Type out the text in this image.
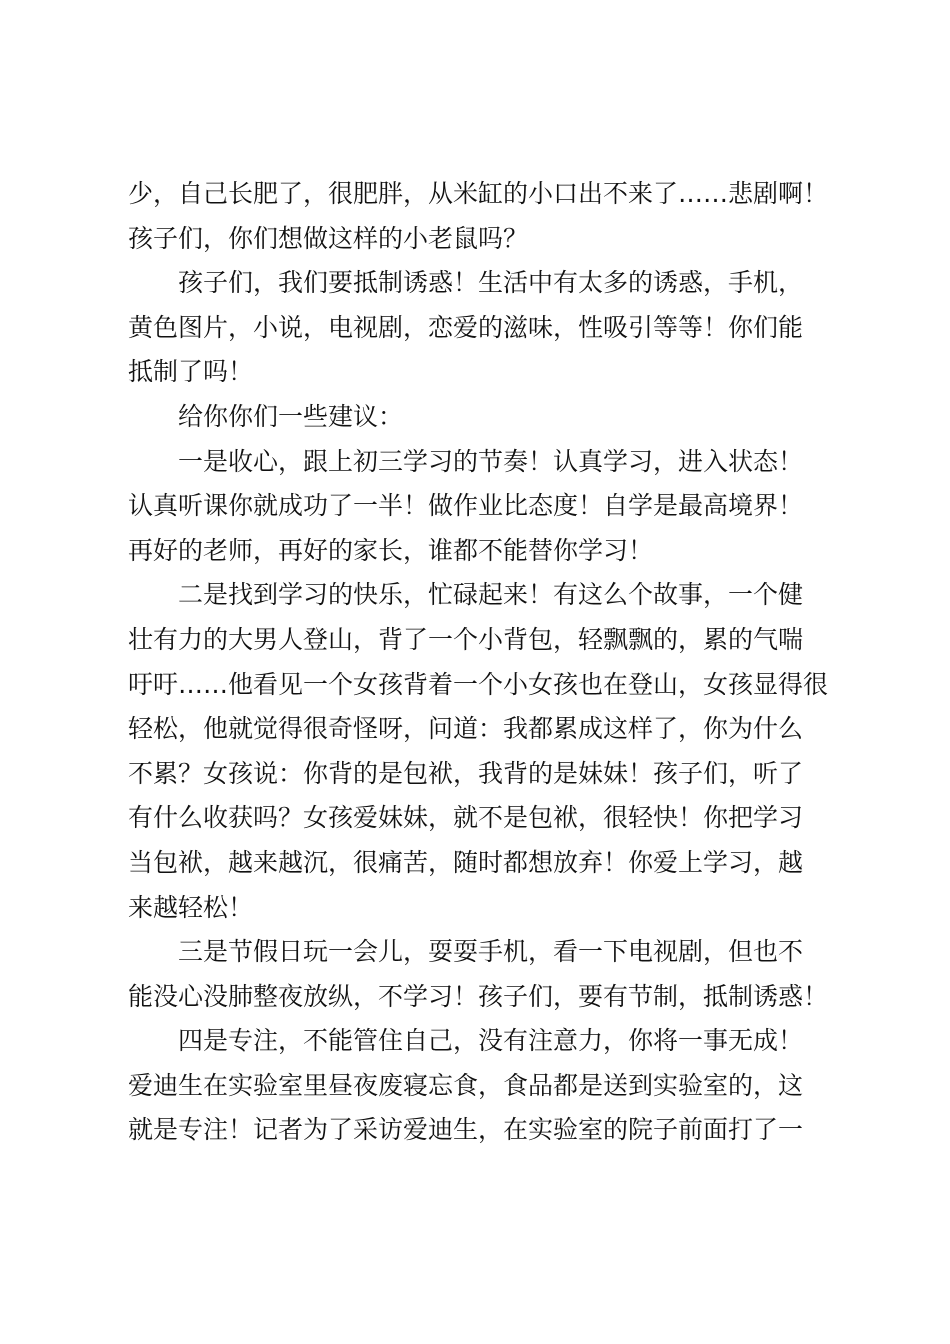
少，自己长肥了，很肥胖，从米缸的小口出不来了……悲剧啊！
孩子们，你们想做这样的小老鼠吗？
孩子们，我们要抵制诱惑！生活中有太多的诱惑，手机，
黄色图片，小说，电视剧，恋爱的滋味，性吸引等等！你们能
抵制了吗！
给你你们一些建议：
一是收心，跟上初三学习的节奏！认真学习，进入状态！
认真听课你就成功了一半！做作业比态度！自学是最高境界！
再好的老师，再好的家长，谁都不能替你学习！
二是找到学习的快乐，忙碌起来！有这么个故事，一个健
壮有力的大男人登山，背了一个小背包，轻飘飘的，累的气喘
吁吁……他看见一个女孩背着一个小女孩也在登山，女孩显得很
轻松，他就觉得很奇怪呀，问道：我都累成这样了，你为什么
不累？女孩说：你背的是包袱，我背的是妹妹！孩子们，听了
有什么收获吗？女孩爱妹妹，就不是包袱，很轻快！你把学习
当包袱，越来越沉，很痛苦，随时都想放弃！你爱上学习，越
来越轻松！
三是节假日玩一会儿，耍耍手机，看一下电视剧，但也不
能没心没肺整夜放纵，不学习！孩子们，要有节制，抵制诱惑！
四是专注，不能管住自己，没有注意力，你将一事无成！
爱迪生在实验室里昼夜废寝忘食，食品都是送到实验室的，这
就是专注！记者为了采访爱迪生，在实验室的院子前面打了一
